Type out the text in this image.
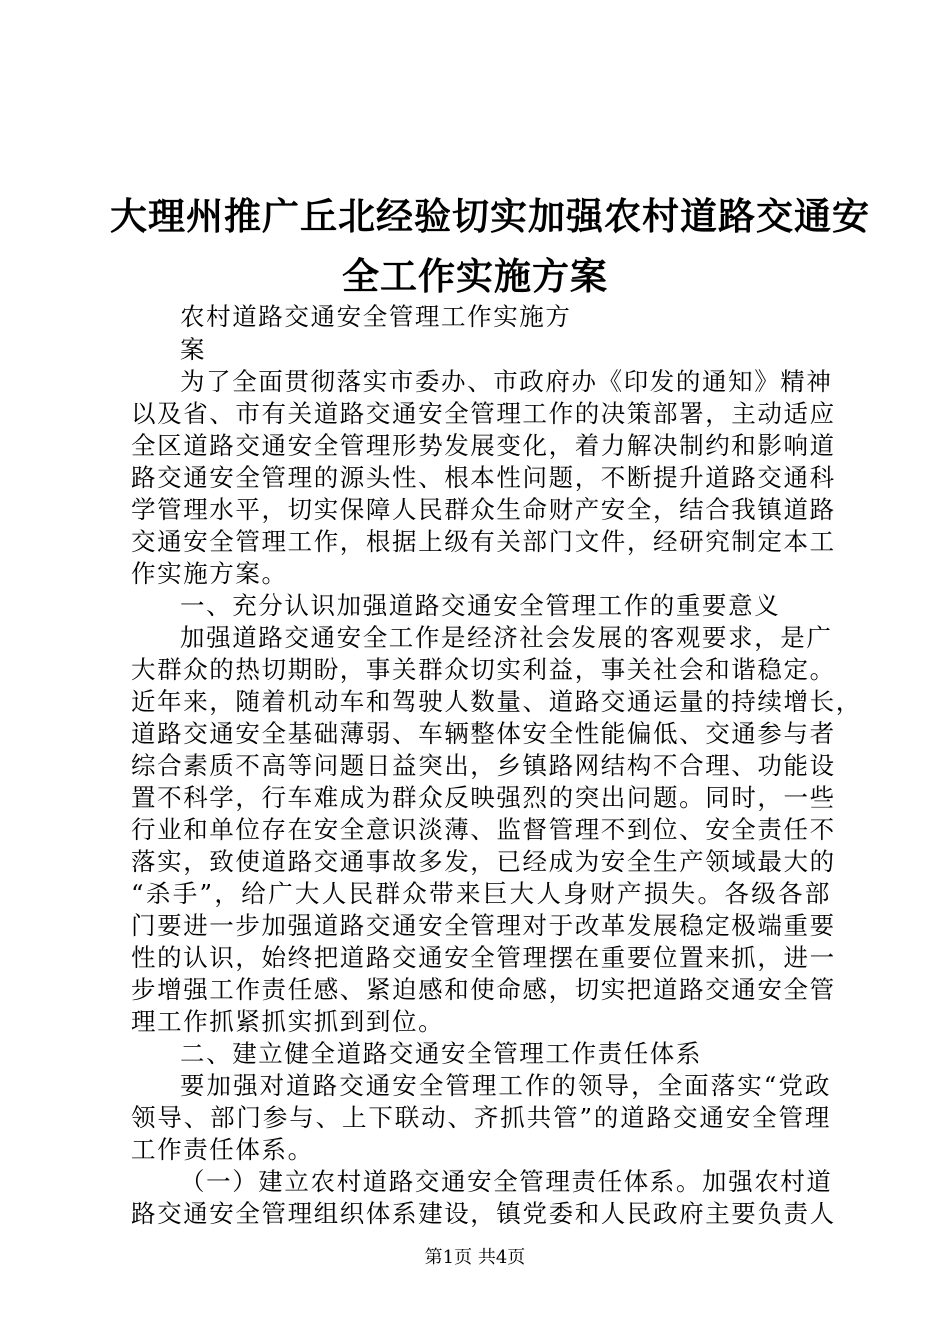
大理州推广丘北经验切实加强农村道路交通安
全工作实施方案
农村道路交通安全管理工作实施方
案
为了全面贯彻落实市委办、市政府办《印发的通知》精神
以及省、市有关道路交通安全管理工作的决策部署，主动适应
全区道路交通安全管理形势发展变化，着力解决制约和影响道
路交通安全管理的源头性、根本性问题，不断提升道路交通科
学管理水平，切实保障人民群众生命财产安全，结合我镇道路
交通安全管理工作，根据上级有关部门文件，经研究制定本工
作实施方案。
一、充分认识加强道路交通安全管理工作的重要意义
加强道路交通安全工作是经济社会发展的客观要求，是广
大群众的热切期盼，事关群众切实利益，事关社会和谐稳定。
近年来，随着机动车和驾驶人数量、道路交通运量的持续增长，
道路交通安全基础薄弱、车辆整体安全性能偏低、交通参与者
综合素质不高等问题日益突出，乡镇路网结构不合理、功能设
置不科学，行车难成为群众反映强烈的突出问题。同时，一些
行业和单位存在安全意识淡薄、监督管理不到位、安全责任不
落实，致使道路交通事故多发，已经成为安全生产领域最大的
“杀手”，给广大人民群众带来巨大人身财产损失。各级各部
门要进一步加强道路交通安全管理对于改革发展稳定极端重要
性的认识，始终把道路交通安全管理摆在重要位置来抓，进一
步增强工作责任感、紧迫感和使命感，切实把道路交通安全管
理工作抓紧抓实抓到到位。
二、建立健全道路交通安全管理工作责任体系
要加强对道路交通安全管理工作的领导，全面落实“党政
领导、部门参与、上下联动、齐抓共管”的道路交通安全管理
工作责任体系。
（一）建立农村道路交通安全管理责任体系。加强农村道
路交通安全管理组织体系建设，镇党委和人民政府主要负责人
第1页 共4页
